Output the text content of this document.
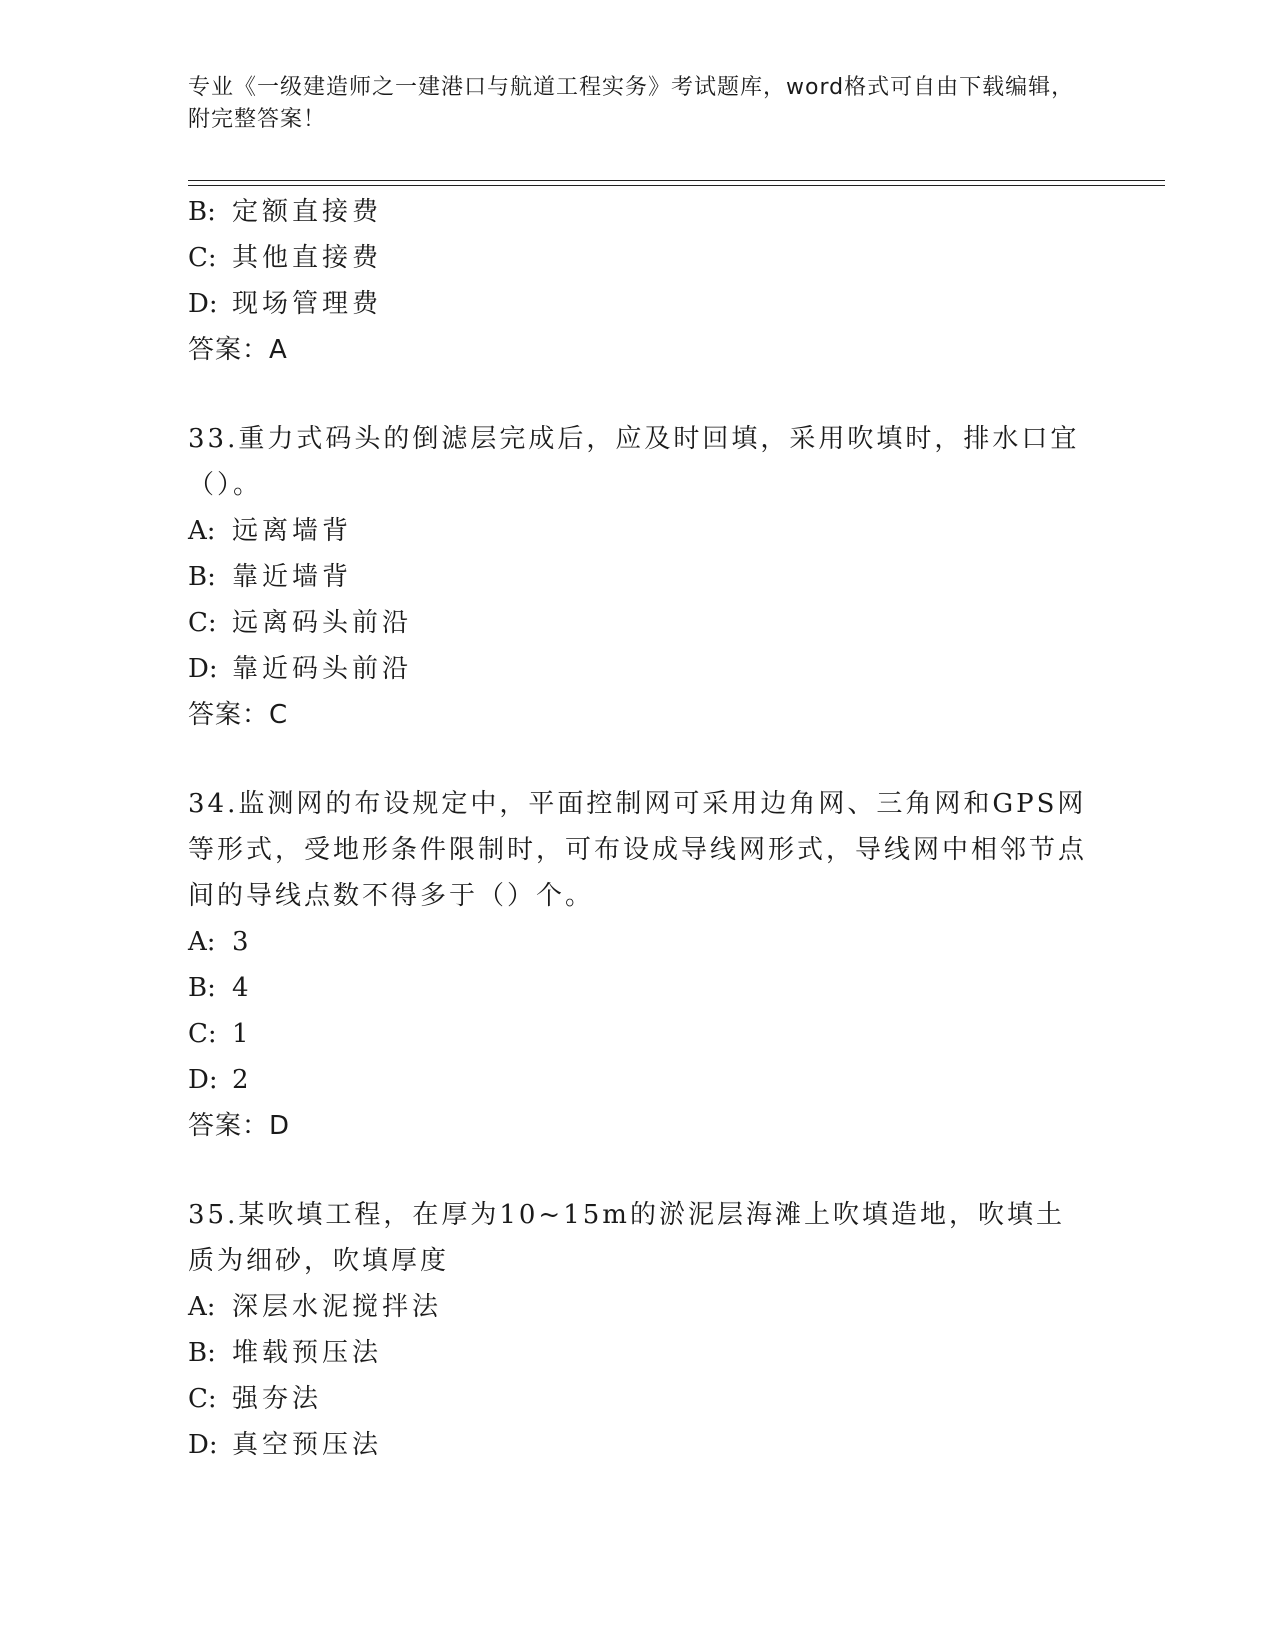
专业《一级建造师之一建港口与航道工程实务》考试题库，word格式可自由下载编辑，附完整答案！
B: 定额直接费
C: 其他直接费
D: 现场管理费
答案：A
33.重力式码头的倒滤层完成后，应及时回填，采用吹填时，排水口宜（）。
A: 远离墙背
B: 靠近墙背
C: 远离码头前沿
D: 靠近码头前沿
答案：C
34.监测网的布设规定中，平面控制网可采用边角网、三角网和GPS网等形式，受地形条件限制时，可布设成导线网形式，导线网中相邻节点间的导线点数不得多于（）个。
A: 3
B: 4
C: 1
D: 2
答案：D
35.某吹填工程，在厚为10~15m的淤泥层海滩上吹填造地，吹填土质为细砂，吹填厚度
A: 深层水泥搅拌法
B: 堆载预压法
C: 强夯法
D: 真空预压法
